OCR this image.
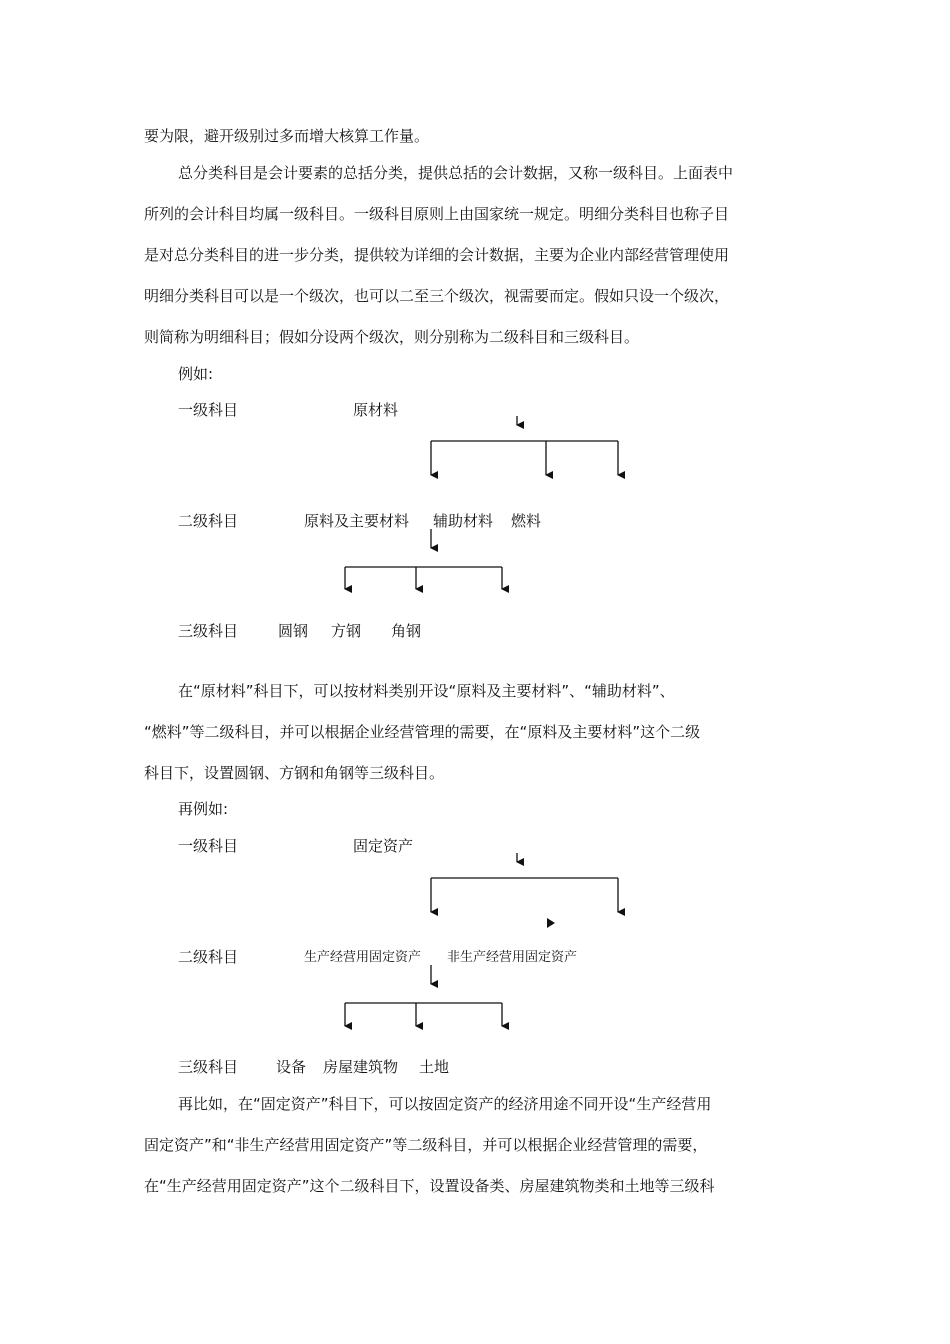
要为限，避开级别过多而增大核算工作量。
总分类科目是会计要素的总括分类，提供总括的会计数据，又称一级科目。上面表中
所列的会计科目均属一级科目。一级科目原则上由国家统一规定。明细分类科目也称子目
是对总分类科目的进一步分类，提供较为详细的会计数据，主要为企业内部经营管理使用
明细分类科目可以是一个级次，也可以二至三个级次，视需要而定。假如只设一个级次，
则简称为明细科目；假如分设两个级次，则分别称为二级科目和三级科目。
例如:
一级科目	原材料
二级科目	原料及主要材料 辅助材料 燃料
三级科目	圆钢 方钢 角钢
在“原材料”科目下，可以按材料类别开设“原料及主要材料”、“辅助材料”、
“燃料”等二级科目，并可以根据企业经营管理的需要，在“原料及主要材料”这个二级
科目下，设置圆钢、方钢和角钢等三级科目。
再例如:
一级科目	固定资产
二级科目	生产经营用固定资产 非生产经营用固定资产
三级科目	设备 房屋建筑物 土地
再比如，在“固定资产”科目下，可以按固定资产的经济用途不同开设“生产经营用
固定资产”和“非生产经营用固定资产”等二级科目，并可以根据企业经营管理的需要，
在“生产经营用固定资产”这个二级科目下，设置设备类、房屋建筑物类和土地等三级科
